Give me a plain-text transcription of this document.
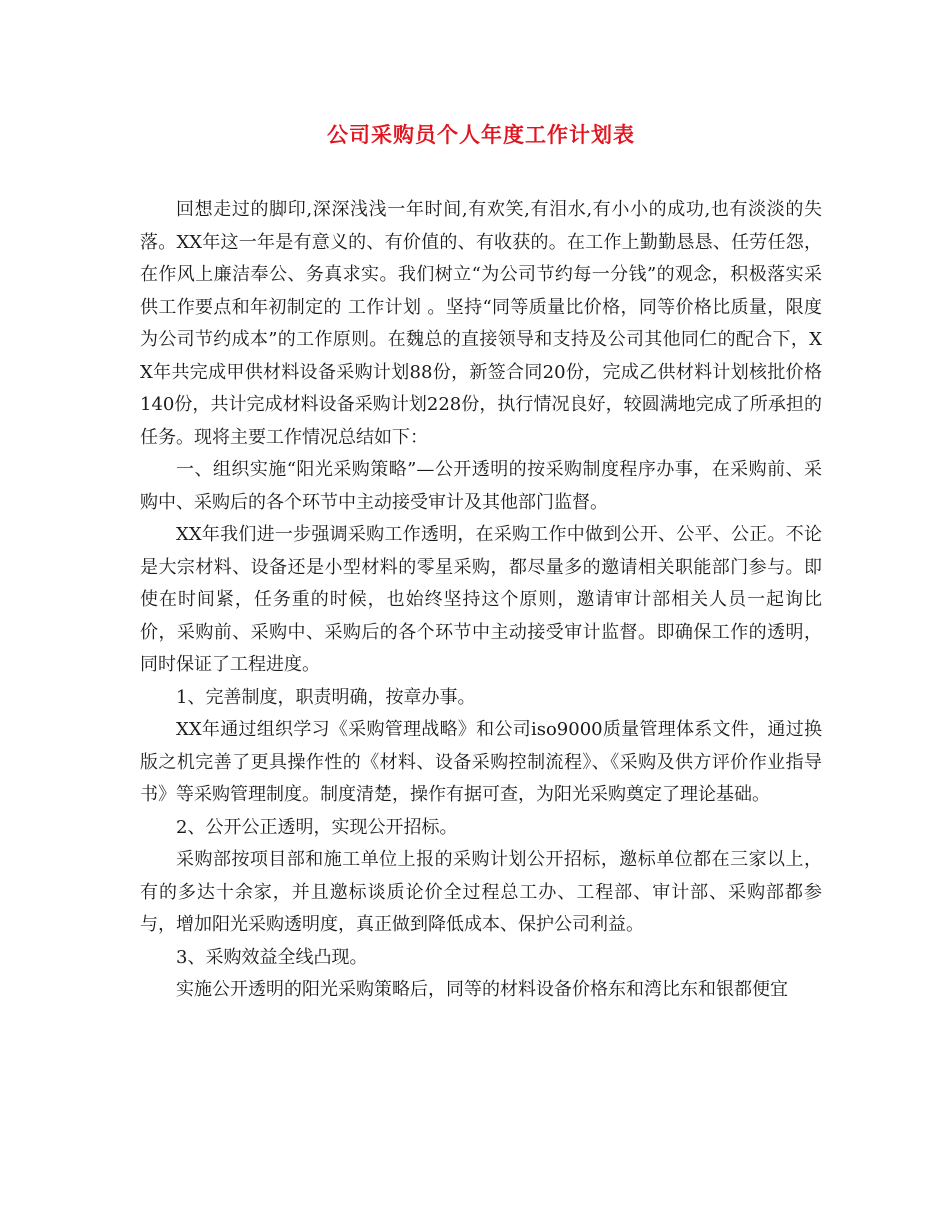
公司采购员个人年度工作计划表

回想走过的脚印,深深浅浅一年时间,有欢笑,有泪水,有小小的成功,也有淡淡的失落。XX年这一年是有意义的、有价值的、有收获的。在工作上勤勤恳恳、任劳任怨，在作风上廉洁奉公、务真求实。我们树立“为公司节约每一分钱”的观念，积极落实采供工作要点和年初制定的 工作计划 。坚持“同等质量比价格，同等价格比质量，限度为公司节约成本”的工作原则。在魏总的直接领导和支持及公司其他同仁的配合下，XX年共完成甲供材料设备采购计划88份，新签合同20份，完成乙供材料计划核批价格140份，共计完成材料设备采购计划228份，执行情况良好，较圆满地完成了所承担的任务。现将主要工作情况总结如下：

一、组织实施“阳光采购策略”—公开透明的按采购制度程序办事，在采购前、采购中、采购后的各个环节中主动接受审计及其他部门监督。

XX年我们进一步强调采购工作透明，在采购工作中做到公开、公平、公正。不论是大宗材料、设备还是小型材料的零星采购，都尽量多的邀请相关职能部门参与。即使在时间紧，任务重的时候，也始终坚持这个原则，邀请审计部相关人员一起询比价，采购前、采购中、采购后的各个环节中主动接受审计监督。即确保工作的透明，同时保证了工程进度。

1、完善制度，职责明确，按章办事。

XX年通过组织学习《采购管理战略》和公司iso9000质量管理体系文件，通过换版之机完善了更具操作性的《材料、设备采购控制流程》、《采购及供方评价作业指导书》等采购管理制度。制度清楚，操作有据可查，为阳光采购奠定了理论基础。

2、公开公正透明，实现公开招标。

采购部按项目部和施工单位上报的采购计划公开招标，邀标单位都在三家以上，有的多达十余家，并且邀标谈质论价全过程总工办、工程部、审计部、采购部都参与，增加阳光采购透明度，真正做到降低成本、保护公司利益。

3、采购效益全线凸现。

实施公开透明的阳光采购策略后，同等的材料设备价格东和湾比东和银都便宜
